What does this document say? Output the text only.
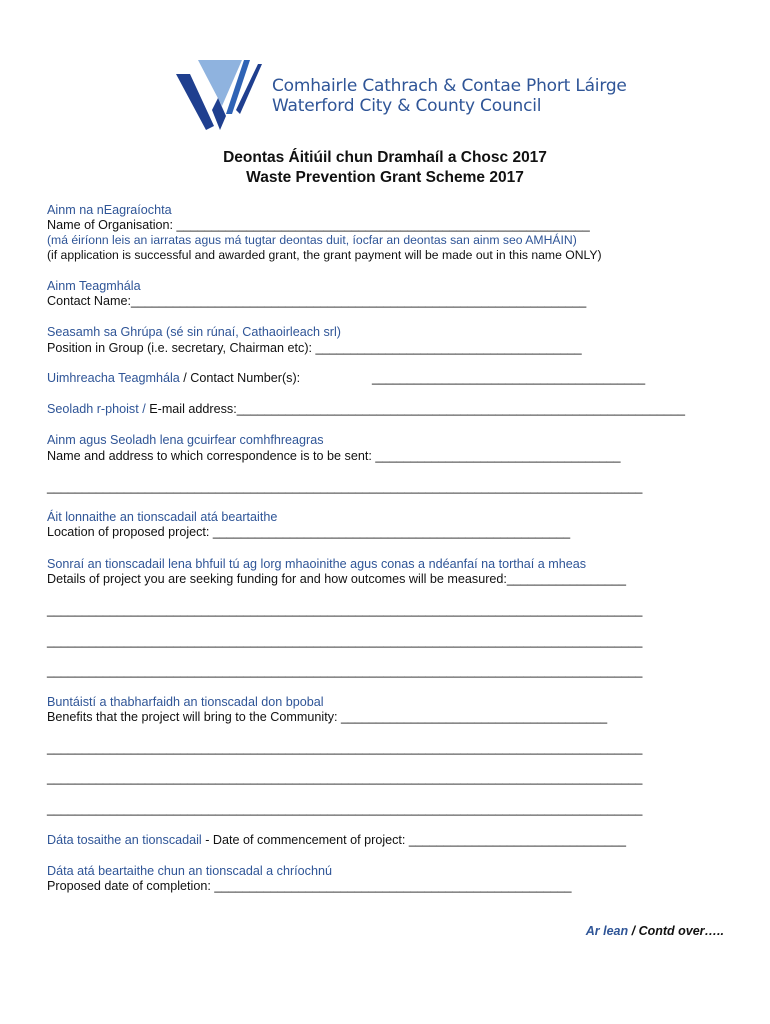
Comhairle Cathrach & Contae Phort Láirge
Waterford City & County Council
Deontas Áitiúil chun Dramhaíl a Chosc 2017
Waste Prevention Grant Scheme 2017
Ainm na nEagraíochta
Name of Organisation: ___________________________________________________________
(má éiríonn leis an iarratas agus má tugtar deontas duit, íocfar an deontas san ainm seo AMHÁIN)
(if application is successful and awarded grant, the grant payment will be made out in this name ONLY)
Ainm Teagmhála
Contact Name:_________________________________________________________________
Seasamh sa Ghrúpa (sé sin rúnaí, Cathaoirleach srl)
Position in Group (i.e. secretary, Chairman etc): ______________________________________
Uimhreacha Teagmhála / Contact Number(s):	_______________________________________
Seoladh r-phoist / E-mail address:________________________________________________________________
Ainm agus Seoladh lena gcuirfear comhfhreagras
Name and address to which correspondence is to be sent: ___________________________________
_____________________________________________________________________________________
Áit lonnaithe an tionscadail atá beartaithe
Location of proposed project: ___________________________________________________
Sonraí an tionscadail lena bhfuil tú ag lorg mhaoinithe agus conas a ndéanfaí na torthaí a mheas
Details of project you are seeking funding for and how outcomes will be measured:_________________
_____________________________________________________________________________________
_____________________________________________________________________________________
_____________________________________________________________________________________
Buntáistí a thabharfaidh an tionscadal don bpobal
Benefits that the project will bring to the Community: ______________________________________
_____________________________________________________________________________________
_____________________________________________________________________________________
_____________________________________________________________________________________
Dáta tosaithe an tionscadail - Date of commencement of project: _______________________________
Dáta atá beartaithe chun an tionscadal a chríochnú
Proposed date of completion: ___________________________________________________
Ar lean / Contd over…..
